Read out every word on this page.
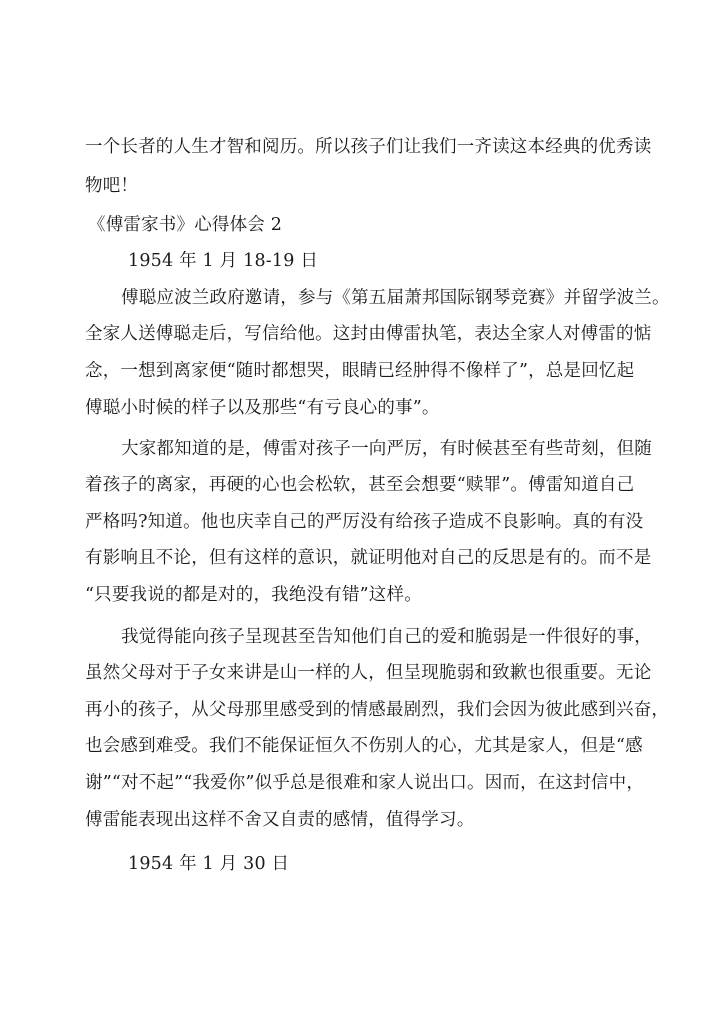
一个长者的人生才智和阅历。所以孩子们让我们一齐读这本经典的优秀读
物吧！
《傅雷家书》心得体会 2
1954 年 1 月 18-19 日
傅聪应波兰政府邀请，参与《第五届萧邦国际钢琴竞赛》并留学波兰。
全家人送傅聪走后，写信给他。这封由傅雷执笔，表达全家人对傅雷的惦
念，一想到离家便“随时都想哭，眼睛已经肿得不像样了”，总是回忆起
傅聪小时候的样子以及那些“有亏良心的事”。
大家都知道的是，傅雷对孩子一向严厉，有时候甚至有些苛刻，但随
着孩子的离家，再硬的心也会松软，甚至会想要“赎罪”。傅雷知道自己
严格吗?知道。他也庆幸自己的严厉没有给孩子造成不良影响。真的有没
有影响且不论，但有这样的意识，就证明他对自己的反思是有的。而不是
“只要我说的都是对的，我绝没有错”这样。
我觉得能向孩子呈现甚至告知他们自己的爱和脆弱是一件很好的事，
虽然父母对于子女来讲是山一样的人，但呈现脆弱和致歉也很重要。无论
再小的孩子，从父母那里感受到的情感最剧烈，我们会因为彼此感到兴奋，
也会感到难受。我们不能保证恒久不伤别人的心，尤其是家人，但是“感
谢”“对不起”“我爱你”似乎总是很难和家人说出口。因而，在这封信中，
傅雷能表现出这样不舍又自责的感情，值得学习。
1954 年 1 月 30 日
